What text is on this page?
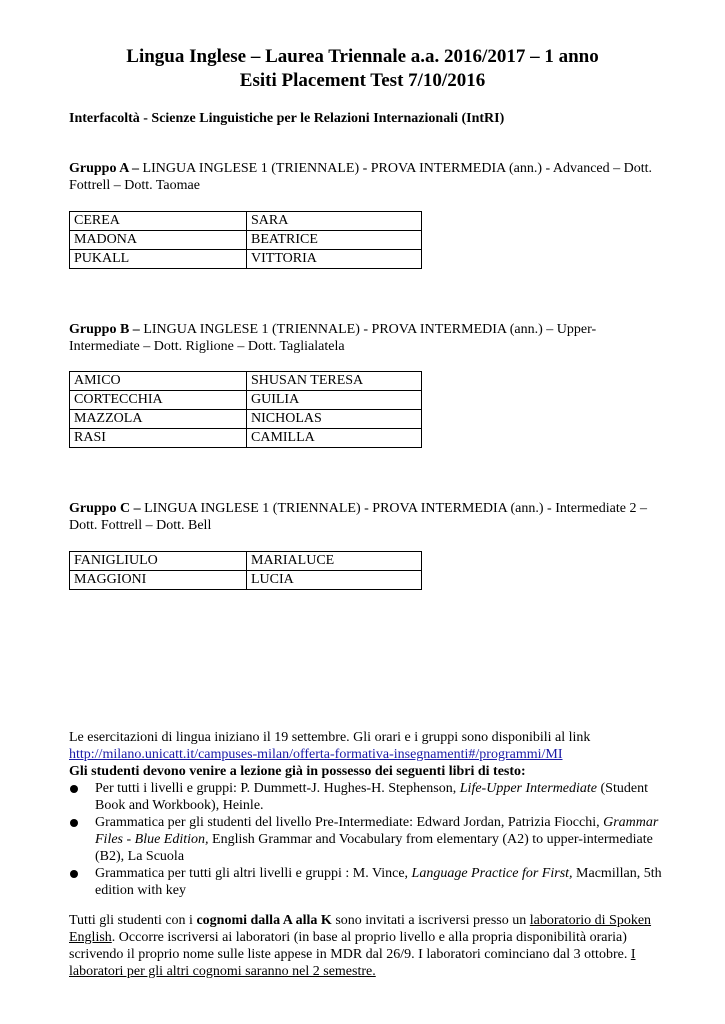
Lingua Inglese – Laurea Triennale a.a. 2016/2017 – 1 anno
Esiti Placement Test 7/10/2016
Interfacoltà - Scienze Linguistiche per le Relazioni Internazionali (IntRI)
Gruppo A – LINGUA INGLESE 1 (TRIENNALE) - PROVA INTERMEDIA (ann.) - Advanced – Dott. Fottrell – Dott. Taomae
CEREA	SARA
MADONA	BEATRICE
PUKALL	VITTORIA
Gruppo B – LINGUA INGLESE 1 (TRIENNALE) - PROVA INTERMEDIA (ann.) – Upper-Intermediate – Dott. Riglione – Dott. Taglialatela
AMICO	SHUSAN TERESA
CORTECCHIA	GUILIA
MAZZOLA	NICHOLAS
RASI	CAMILLA
Gruppo C – LINGUA INGLESE 1 (TRIENNALE) - PROVA INTERMEDIA (ann.) - Intermediate 2 – Dott. Fottrell – Dott. Bell
FANIGLIULO	MARIALUCE
MAGGIONI	LUCIA
Le esercitazioni di lingua iniziano il 19 settembre. Gli orari e i gruppi sono disponibili al link
http://milano.unicatt.it/campuses-milan/offerta-formativa-insegnamenti#/programmi/MI
Gli studenti devono venire a lezione già in possesso dei seguenti libri di testo:
Per tutti i livelli e gruppi: P. Dummett-J. Hughes-H. Stephenson, Life-Upper Intermediate (Student Book and Workbook), Heinle.
Grammatica per gli studenti del livello Pre-Intermediate: Edward Jordan, Patrizia Fiocchi, Grammar Files - Blue Edition, English Grammar and Vocabulary from elementary (A2) to upper-intermediate (B2), La Scuola
Grammatica per tutti gli altri livelli e gruppi : M. Vince, Language Practice for First, Macmillan, 5th edition with key
Tutti gli studenti con i cognomi dalla A alla K sono invitati a iscriversi presso un laboratorio di Spoken English. Occorre iscriversi ai laboratori (in base al proprio livello e alla propria disponibilità oraria) scrivendo il proprio nome sulle liste appese in MDR dal 26/9. I laboratori cominciano dal 3 ottobre. I laboratori per gli altri cognomi saranno nel 2 semestre.
